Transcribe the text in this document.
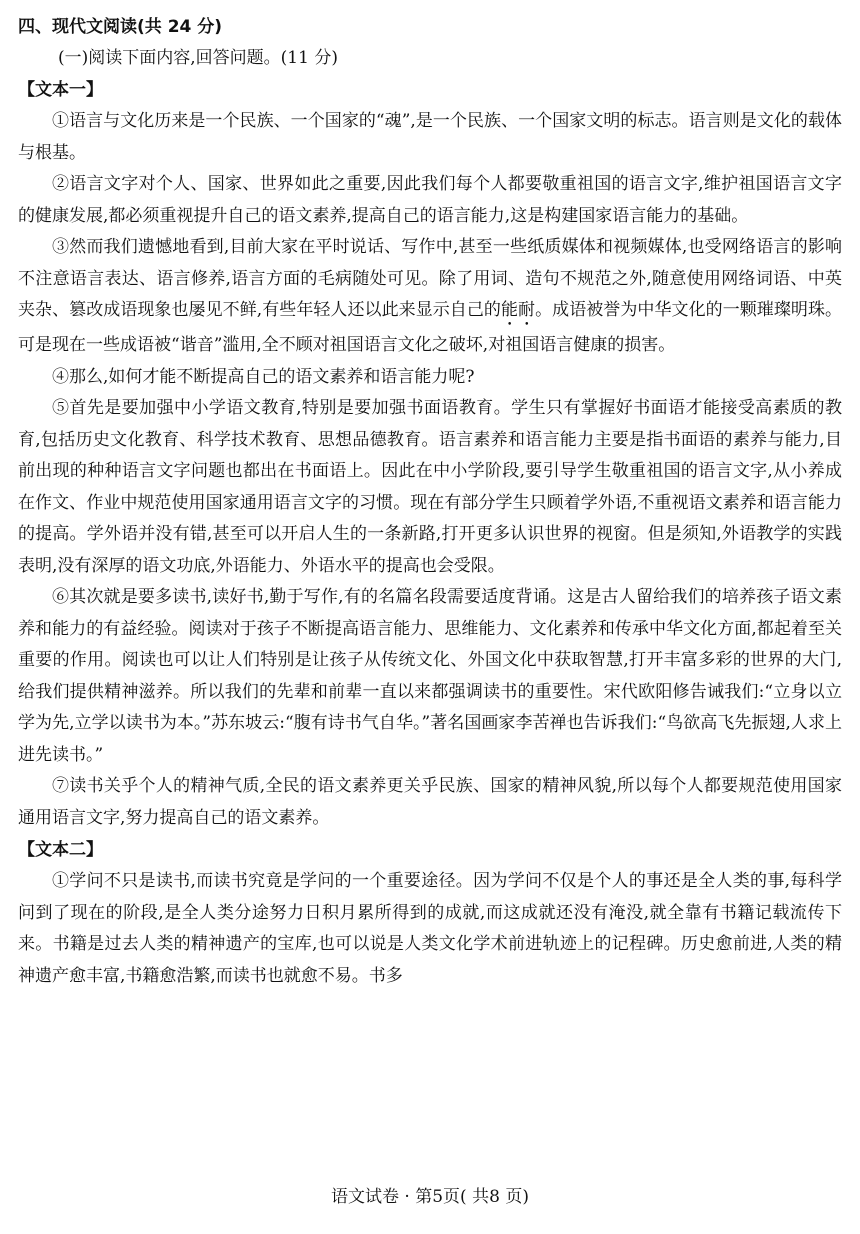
四、现代文阅读(共 24 分)

(一)阅读下面内容,回答问题。(11 分)

【文本一】

①语言与文化历来是一个民族、一个国家的“魂”,是一个民族、一个国家文明的标志。语言则是文化的载体与根基。

②语言文字对个人、国家、世界如此之重要,因此我们每个人都要敬重祖国的语言文字,维护祖国语言文字的健康发展,都必须重视提升自己的语文素养,提高自己的语言能力,这是构建国家语言能力的基础。

③然而我们遗憾地看到,目前大家在平时说话、写作中,甚至一些纸质媒体和视频媒体,也受网络语言的影响不注意语言表达、语言修养,语言方面的毛病随处可见。除了用词、造句不规范之外,随意使用网络词语、中英夹杂、篡改成语现象也屡见不鲜,有些年轻人还以此来显示自己的能耐。成语被誉为中华文化的一颗璀璨明珠。可是现在一些成语被“谐音”滥用,全不顾对祖国语言文化之破坏,对祖国语言健康的损害。

④那么,如何才能不断提高自己的语文素养和语言能力呢?

⑤首先是要加强中小学语文教育,特别是要加强书面语教育。学生只有掌握好书面语才能接受高素质的教育,包括历史文化教育、科学技术教育、思想品德教育。语言素养和语言能力主要是指书面语的素养与能力,目前出现的种种语言文字问题也都出在书面语上。因此在中小学阶段,要引导学生敬重祖国的语言文字,从小养成在作文、作业中规范使用国家通用语言文字的习惯。现在有部分学生只顾着学外语,不重视语文素养和语言能力的提高。学外语并没有错,甚至可以开启人生的一条新路,打开更多认识世界的视窗。但是须知,外语教学的实践表明,没有深厚的语文功底,外语能力、外语水平的提高也会受限。

⑥其次就是要多读书,读好书,勤于写作,有的名篇名段需要适度背诵。这是古人留给我们的培养孩子语文素养和能力的有益经验。阅读对于孩子不断提高语言能力、思维能力、文化素养和传承中华文化方面,都起着至关重要的作用。阅读也可以让人们特别是让孩子从传统文化、外国文化中获取智慧,打开丰富多彩的世界的大门,给我们提供精神滋养。所以我们的先辈和前辈一直以来都强调读书的重要性。宋代欧阳修告诫我们:“立身以立学为先,立学以读书为本。”苏东坡云:“腹有诗书气自华。”著名国画家李苦禅也告诉我们:“鸟欲高飞先振翅,人求上进先读书。”

⑦读书关乎个人的精神气质,全民的语文素养更关乎民族、国家的精神风貌,所以每个人都要规范使用国家通用语言文字,努力提高自己的语文素养。

【文本二】

①学问不只是读书,而读书究竟是学问的一个重要途径。因为学问不仅是个人的事还是全人类的事,每科学问到了现在的阶段,是全人类分途努力日积月累所得到的成就,而这成就还没有淹没,就全靠有书籍记载流传下来。书籍是过去人类的精神遗产的宝库,也可以说是人类文化学术前进轨迹上的记程碑。历史愈前进,人类的精神遗产愈丰富,书籍愈浩繁,而读书也就愈不易。书多

语文试卷 · 第5页( 共8 页)
